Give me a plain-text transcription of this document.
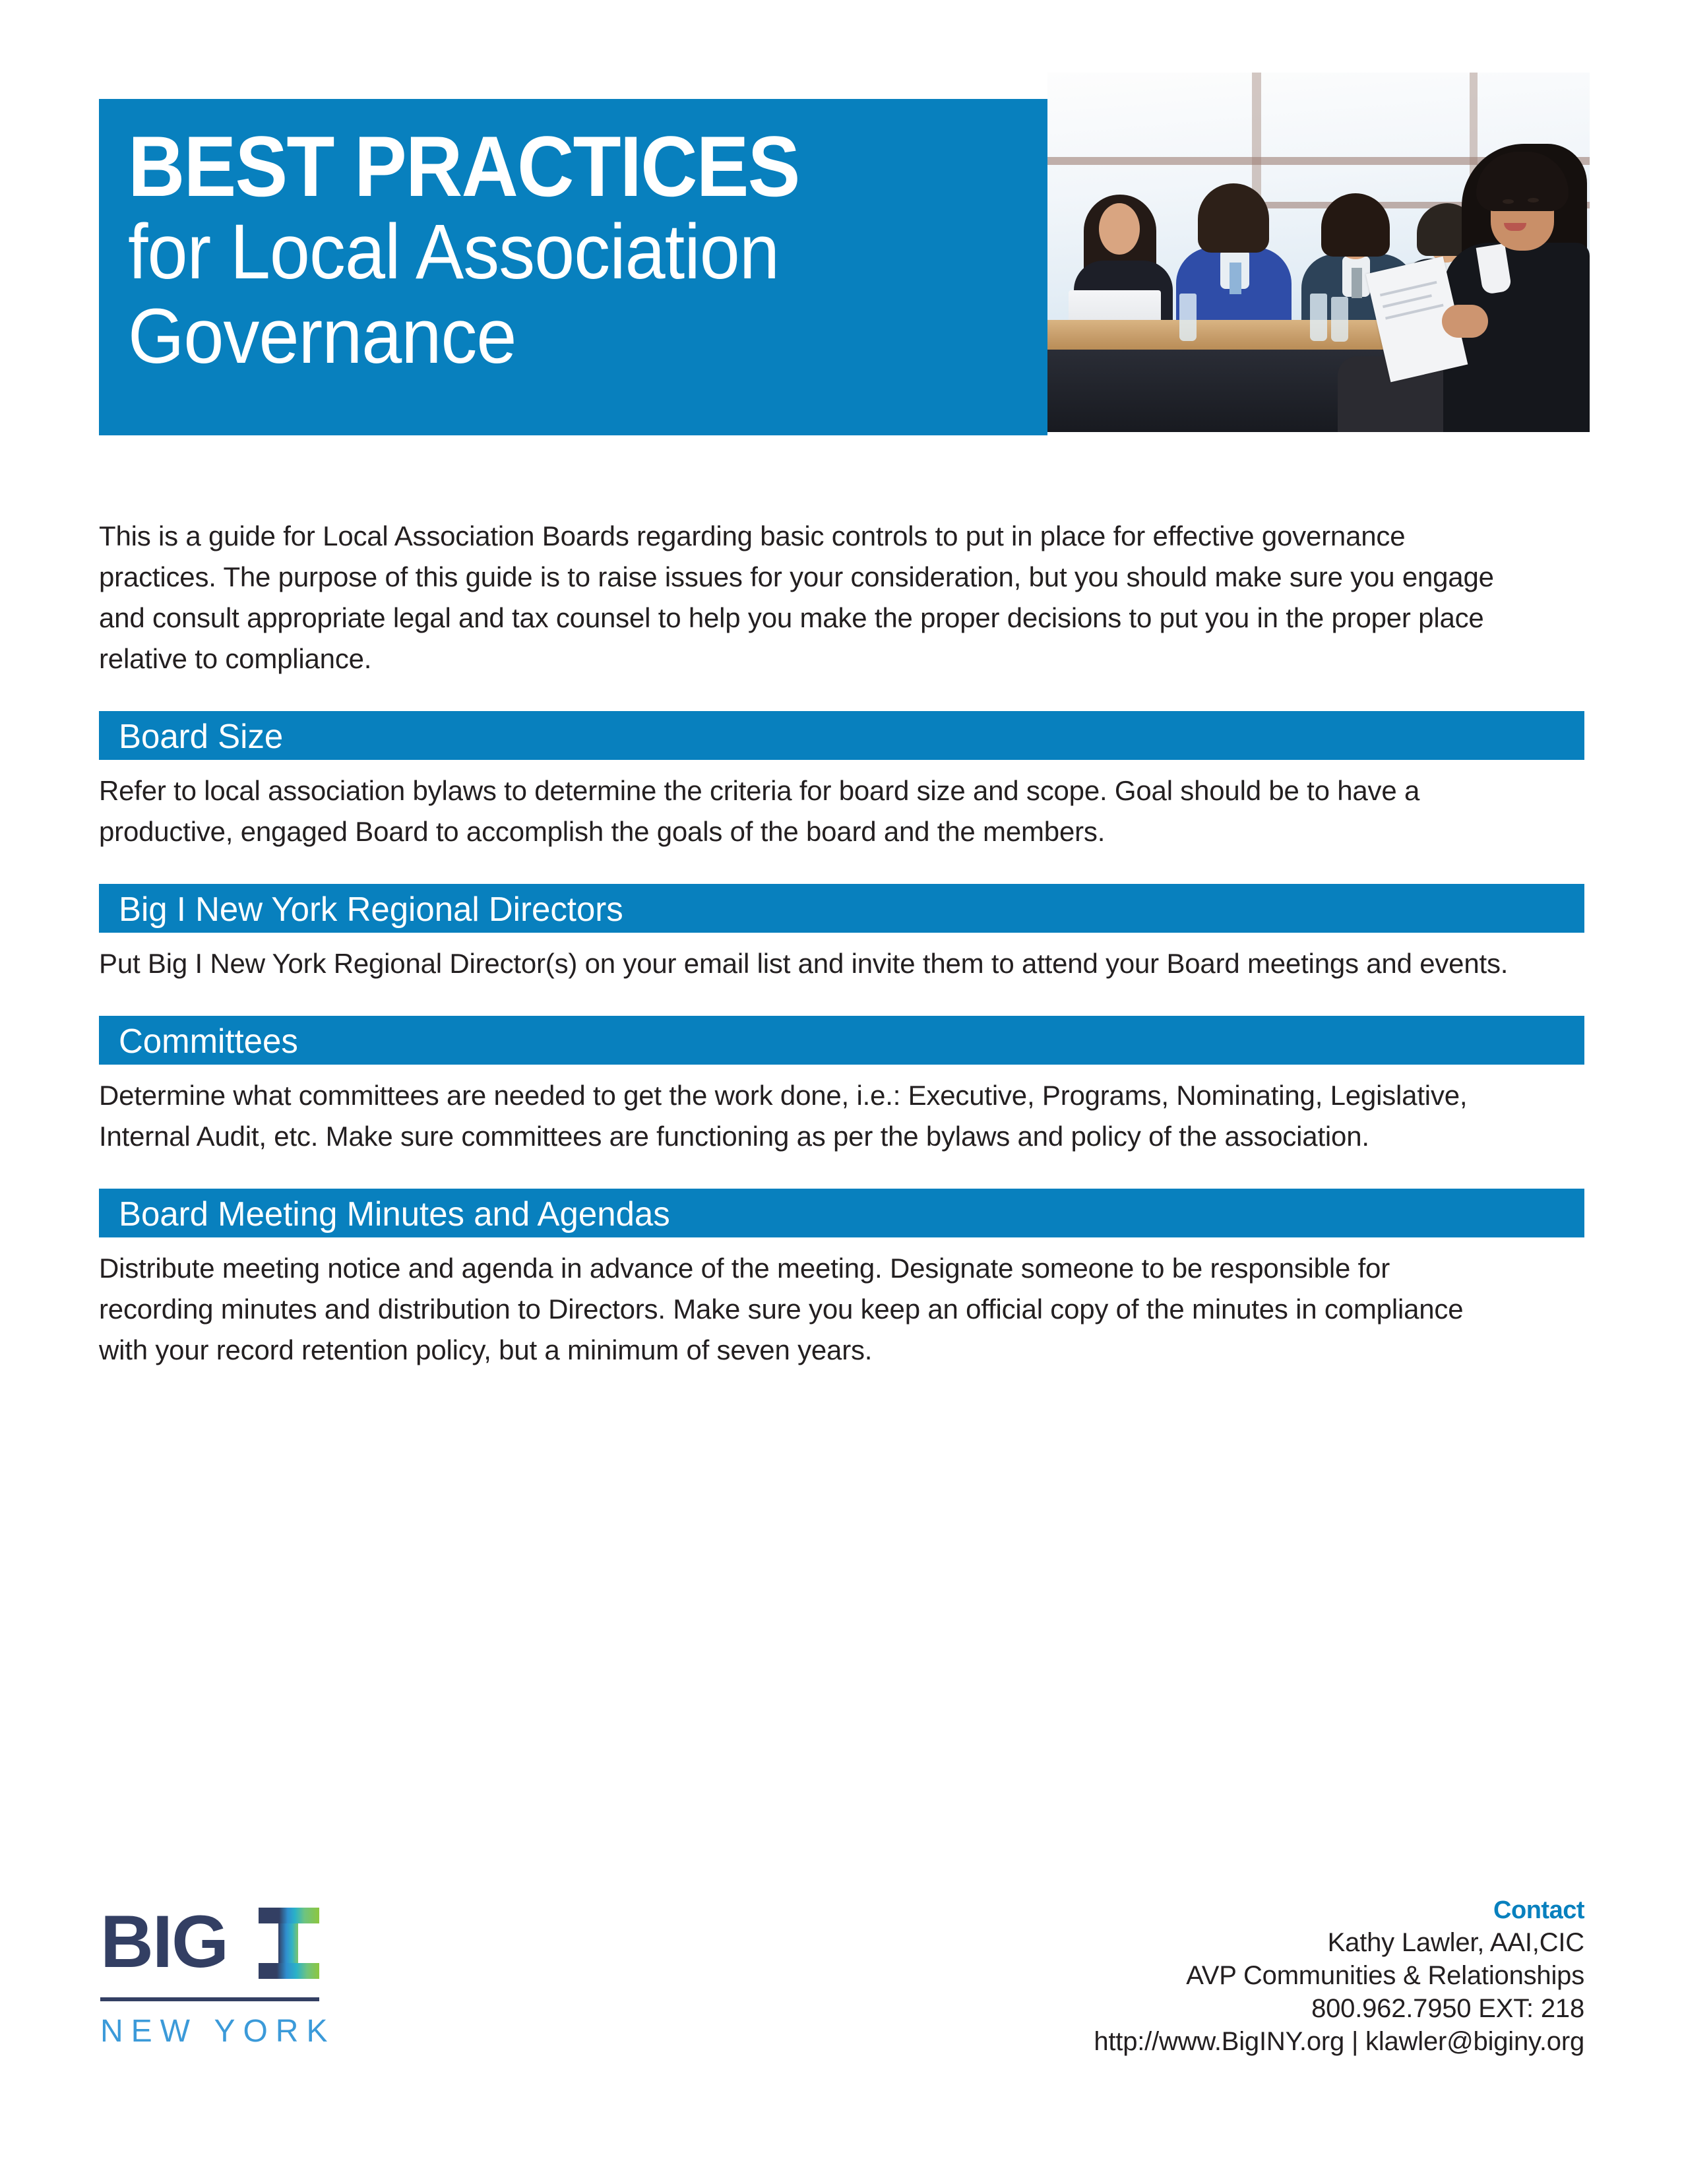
BEST PRACTICES
for Local Association
Governance

This is a guide for Local Association Boards regarding basic controls to put in place for effective governance practices. The purpose of this guide is to raise issues for your consideration, but you should make sure you engage and consult appropriate legal and tax counsel to help you make the proper decisions to put you in the proper place relative to compliance.

Board Size

Refer to local association bylaws to determine the criteria for board size and scope. Goal should be to have a productive, engaged Board to accomplish the goals of the board and the members.

Big I New York Regional Directors

Put Big I New York Regional Director(s) on your email list and invite them to attend your Board meetings and events.

Committees

Determine what committees are needed to get the work done, i.e.: Executive, Programs, Nominating, Legislative, Internal Audit, etc. Make sure committees are functioning as per the bylaws and policy of the association.

Board Meeting Minutes and Agendas

Distribute meeting notice and agenda in advance of the meeting. Designate someone to be responsible for recording minutes and distribution to Directors. Make sure you keep an official copy of the minutes in compliance with your record retention policy, but a minimum of seven years.

BIG
NEW YORK
Contact
Kathy Lawler, AAI,CIC
AVP Communities & Relationships
800.962.7950 EXT: 218
http://www.BigINY.org | klawler@biginy.org
